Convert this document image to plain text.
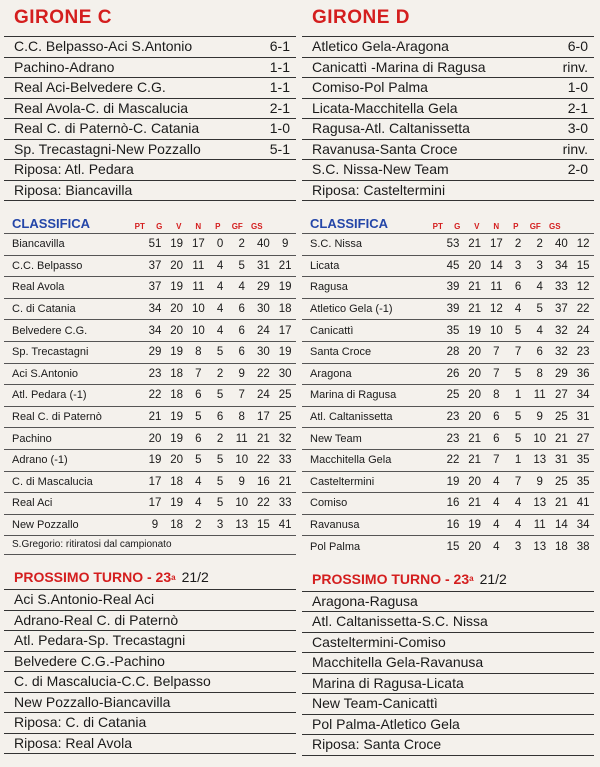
GIRONE C
C.C. Belpasso-Aci S.Antonio	6-1
Pachino-Adrano	1-1
Real Aci-Belvedere C.G.	1-1
Real Avola-C. di Mascalucia	2-1
Real C. di Paternò-C. Catania	1-0
Sp. Trecastagni-New Pozzallo	5-1
Riposa: Atl. Pedara
Riposa: Biancavilla
CLASSIFICA	PT	G	V	N	P	GF	GS
Biancavilla	51	19	17	0	2	40	9
C.C. Belpasso	37	20	11	4	5	31	21
Real Avola	37	19	11	4	4	29	19
C. di Catania	34	20	10	4	6	30	18
Belvedere C.G.	34	20	10	4	6	24	17
Sp. Trecastagni	29	19	8	5	6	30	19
Aci S.Antonio	23	18	7	2	9	22	30
Atl. Pedara (-1)	22	18	6	5	7	24	25
Real C. di Paternò	21	19	5	6	8	17	25
Pachino	20	19	6	2	11	21	32
Adrano (-1)	19	20	5	5	10	22	33
C. di Mascalucia	17	18	4	5	9	16	21
Real Aci	17	19	4	5	10	22	33
New Pozzallo	9	18	2	3	13	15	41
S.Gregorio: ritiratosi dal campionato
PROSSIMO TURNO - 23 a 21/2
Aci S.Antonio-Real Aci
Adrano-Real C. di Paternò
Atl. Pedara-Sp. Trecastagni
Belvedere C.G.-Pachino
C. di Mascalucia-C.C. Belpasso
New Pozzallo-Biancavilla
Riposa: C. di Catania
Riposa: Real Avola
GIRONE D
Atletico Gela-Aragona	6-0
Canicattì -Marina di Ragusa	rinv.
Comiso-Pol Palma	1-0
Licata-Macchitella Gela	2-1
Ragusa-Atl. Caltanissetta	3-0
Ravanusa-Santa Croce	rinv.
S.C. Nissa-New Team	2-0
Riposa: Casteltermini
CLASSIFICA	PT	G	V	N	P	GF	GS
S.C. Nissa	53	21	17	2	2	40	12
Licata	45	20	14	3	3	34	15
Ragusa	39	21	11	6	4	33	12
Atletico Gela (-1)	39	21	12	4	5	37	22
Canicattì	35	19	10	5	4	32	24
Santa Croce	28	20	7	7	6	32	23
Aragona	26	20	7	5	8	29	36
Marina di Ragusa	25	20	8	1	11	27	34
Atl. Caltanissetta	23	20	6	5	9	25	31
New Team	23	21	6	5	10	21	27
Macchitella Gela	22	21	7	1	13	31	35
Casteltermini	19	20	4	7	9	25	35
Comiso	16	21	4	4	13	21	41
Ravanusa	16	19	4	4	11	14	34
Pol Palma	15	20	4	3	13	18	38
PROSSIMO TURNO - 23 a 21/2
Aragona-Ragusa
Atl. Caltanissetta-S.C. Nissa
Casteltermini-Comiso
Macchitella Gela-Ravanusa
Marina di Ragusa-Licata
New Team-Canicattì
Pol Palma-Atletico Gela
Riposa: Santa Croce
